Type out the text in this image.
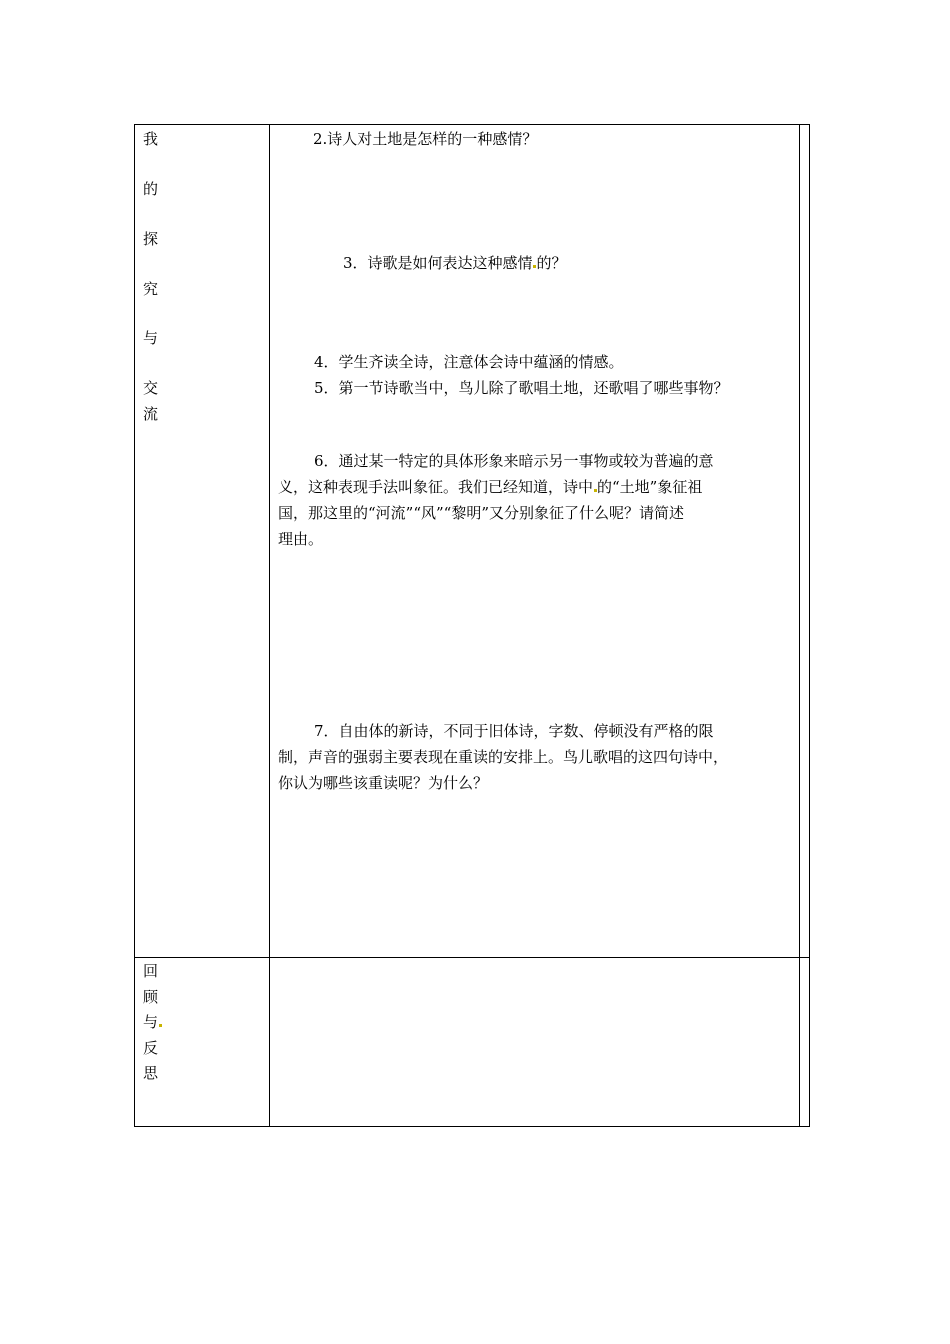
我
的
探
究
与
交
流
2.诗人对土地是怎样的一种感情？
3．诗歌是如何表达这种感情 的？
4．学生齐读全诗，注意体会诗中蕴涵的情感。
5．第一节诗歌当中，鸟儿除了歌唱土地，还歌唱了哪些事物？
6．通过某一特定的具体形象来暗示另一事物或较为普遍的意
义，这种表现手法叫象征。我们已经知道，诗中 的“土地”象征祖
国，那这里的“河流”“风”“黎明”又分别象征了什么呢？请简述
理由。
7．自由体的新诗，不同于旧体诗，字数、停顿没有严格的限
制，声音的强弱主要表现在重读的安排上。鸟儿歌唱的这四句诗中，
你认为哪些该重读呢？为什么？
回
顾
与
反
思
